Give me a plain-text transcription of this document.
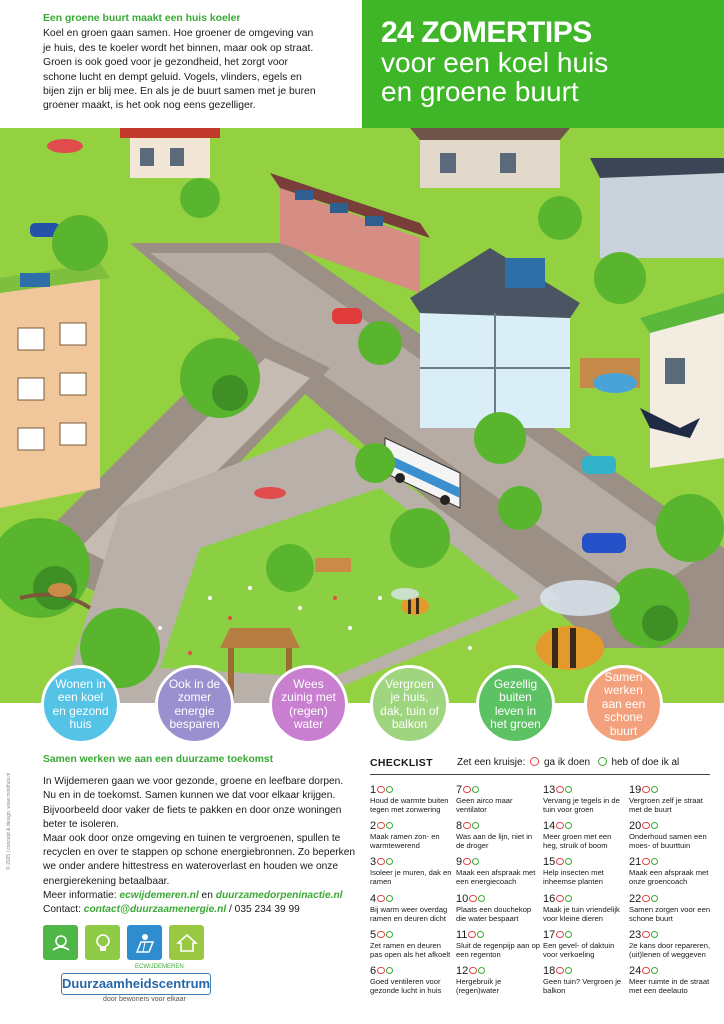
Een groene buurt maakt een huis koeler
Koel en groen gaan samen. Hoe groener de omgeving van
je huis, des te koeler wordt het binnen, maar ook op straat.
Groen is ook goed voor je gezondheid, het zorgt voor
schone lucht en dempt geluid. Vogels, vlinders, egels en
bijen zijn er blij mee. En als je de buurt samen met je buren
groener maakt, is het ook nog eens gezelliger.
24 ZOMERTIPS
voor een koel huis
en groene buurt
Wonen in een koel en gezond huis
Ook in de zomer energie besparen
Wees zuinig met (regen) water
Vergroen je huis, dak, tuin of balkon
Gezellig buiten leven in het groen
Samen werken aan een schone buurt
Samen werken we aan een duurzame toekomst
In Wijdemeren gaan we voor gezonde, groene en leefbare dorpen.
Nu en in de toekomst. Samen kunnen we dat voor elkaar krijgen.
Bijvoorbeeld door vaker de fiets te pakken en door onze woningen
beter te isoleren.
Maar ook door onze omgeving en tuinen te vergroenen, spullen te
recyclen en over te stappen op schone energiebronnen. Zo beperken
we onder andere hittestress en wateroverlast en houden we onze
energierekening betaalbaar.
Meer informatie: ecwijdemeren.nl en duurzamedorpeninactie.nl
Contact: contact@duurzaamenergie.nl / 035 234 39 99
© 2025 | concept & design: www.mindfuls.nl
ECWIJDEMEREN
Duurzaamheidscentrum
door bewoners voor elkaar
CHECKLIST Zet een kruisje: ga ik doen heb of doe ik al
1
Houd de warmte buiten tegen met zonwering
2
Maak ramen zon- en warmtewerend
3
Isoleer je muren, dak en ramen
4
Bij warm weer overdag ramen en deuren dicht
5
Zet ramen en deuren pas open als het afkoelt
6
Goed ventileren voor gezonde lucht in huis
7
Geen airco maar ventilator
8
Was aan de lijn, niet in de droger
9
Maak een afspraak met een energiecoach
10
Plaats een douchekop die water bespaart
11
Sluit de regenpijp aan op een regenton
12
Hergebruik je (regen)water
13
Vervang je tegels in de tuin voor groen
14
Meer groen met een heg, struik of boom
15
Help insecten met inheemse planten
16
Maak je tuin vriendelijk voor kleine dieren
17
Een gevel- of daktuin voor verkoeling
18
Geen tuin? Vergroen je balkon
19
Vergroen zelf je straat met de buurt
20
Onderhoud samen een moes- of buurttuin
21
Maak een afspraak met onze groencoach
22
Samen zorgen voor een schone buurt
23
2e kans door repareren, (uit)lenen of weggeven
24
Meer ruimte in de straat met een deelauto
